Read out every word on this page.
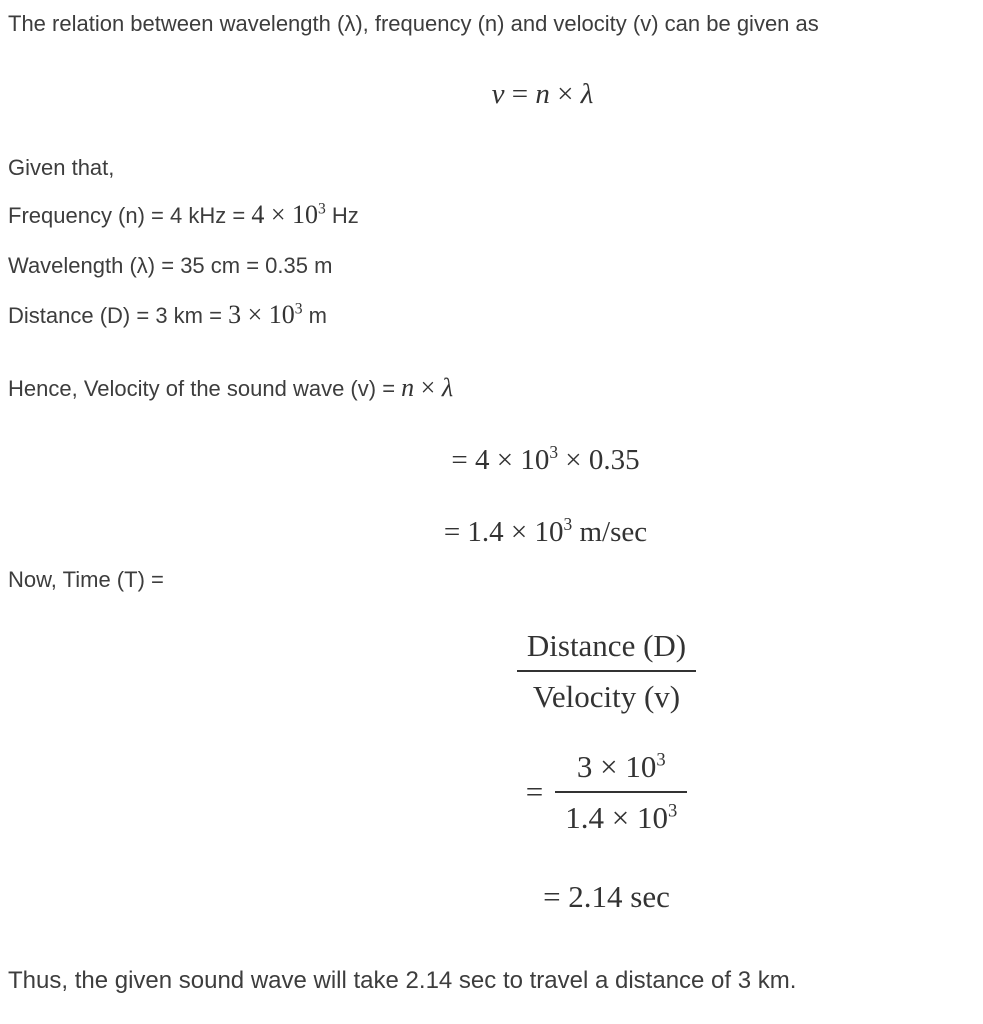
The relation between wavelength (λ), frequency (n) and velocity (v) can be given as

v = n × λ

Given that,

Frequency (n) = 4 kHz = $4 \times 10^3$ Hz

Wavelength (λ) = 35 cm = 0.35 m

Distance (D) = 3 km = $3 \times 10^3$ m

Hence, Velocity of the sound wave (v) = n × λ

= $4 \times 10^3 \times 0.35$
= $1.4 \times 10^3$ m/sec

Now, Time (T) =

$\frac{\text{Distance (D)}}{\text{Velocity (v)}}$
= $\frac{3 \times 10^3}{1.4 \times 10^3}$
= 2.14 sec

Thus, the given sound wave will take 2.14 sec to travel a distance of 3 km.
